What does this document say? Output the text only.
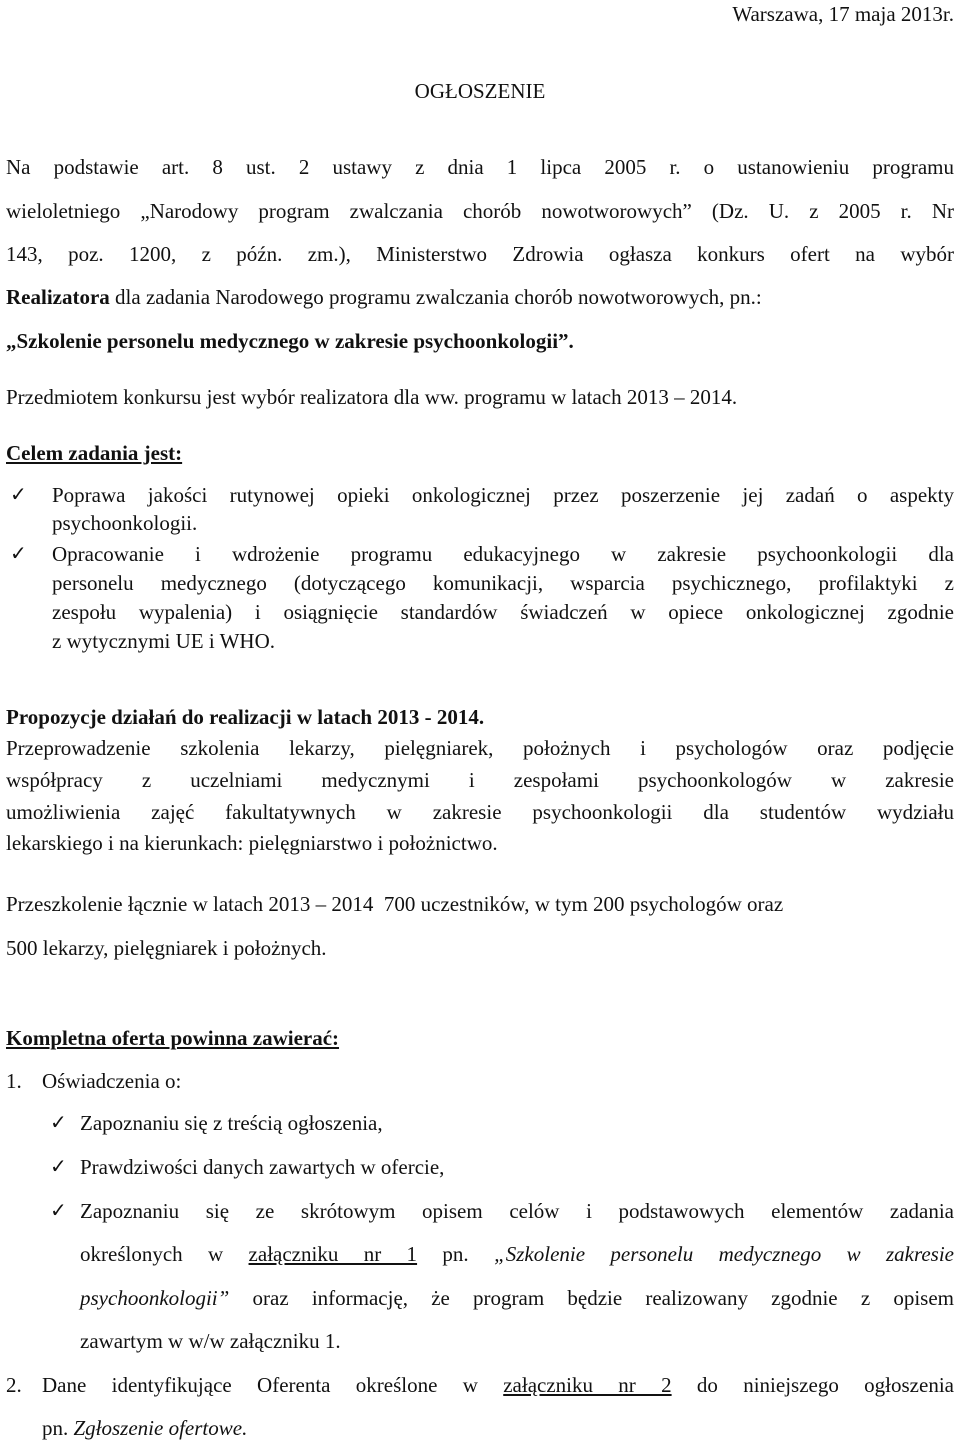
Warszawa, 17 maja 2013r.
OGŁOSZENIE
Na podstawie art. 8 ust. 2 ustawy z dnia 1 lipca 2005 r. o ustanowieniu programu
wieloletniego „Narodowy program zwalczania chorób nowotworowych” (Dz. U. z 2005 r. Nr
143, poz. 1200, z późn. zm.), Ministerstwo Zdrowia ogłasza konkurs ofert na wybór
Realizatora dla zadania Narodowego programu zwalczania chorób nowotworowych, pn.:
„Szkolenie personelu medycznego w zakresie psychoonkologii”.
Przedmiotem konkursu jest wybór realizatora dla ww. programu w latach 2013 – 2014.
Celem zadania jest:
✓ Poprawa jakości rutynowej opieki onkologicznej przez poszerzenie jej zadań o aspekty
psychoonkologii.
✓ Opracowanie i wdrożenie programu edukacyjnego w zakresie psychoonkologii dla
personelu medycznego (dotyczącego komunikacji, wsparcia psychicznego, profilaktyki z
zespołu wypalenia) i osiągnięcie standardów świadczeń w opiece onkologicznej zgodnie
z wytycznymi UE i WHO.
Propozycje działań do realizacji w latach 2013 - 2014.
Przeprowadzenie szkolenia lekarzy, pielęgniarek, położnych i psychologów oraz podjęcie
współpracy z uczelniami medycznymi i zespołami psychoonkologów w zakresie
umożliwienia zajęć fakultatywnych w zakresie psychoonkologii dla studentów wydziału
lekarskiego i na kierunkach: pielęgniarstwo i położnictwo.
Przeszkolenie łącznie w latach 2013 – 2014  700 uczestników, w tym 200 psychologów oraz
500 lekarzy, pielęgniarek i położnych.
Kompletna oferta powinna zawierać:
1. Oświadczenia o:
✓ Zapoznaniu się z treścią ogłoszenia,
✓ Prawdziwości danych zawartych w ofercie,
✓ Zapoznaniu się ze skrótowym opisem celów i podstawowych elementów zadania
określonych w załączniku nr 1 pn. „Szkolenie personelu medycznego w zakresie
psychoonkologii” oraz informację, że program będzie realizowany zgodnie z opisem
zawartym w w/w załączniku 1.
2. Dane identyfikujące Oferenta określone w załączniku nr 2 do niniejszego ogłoszenia
pn. Zgłoszenie ofertowe.
